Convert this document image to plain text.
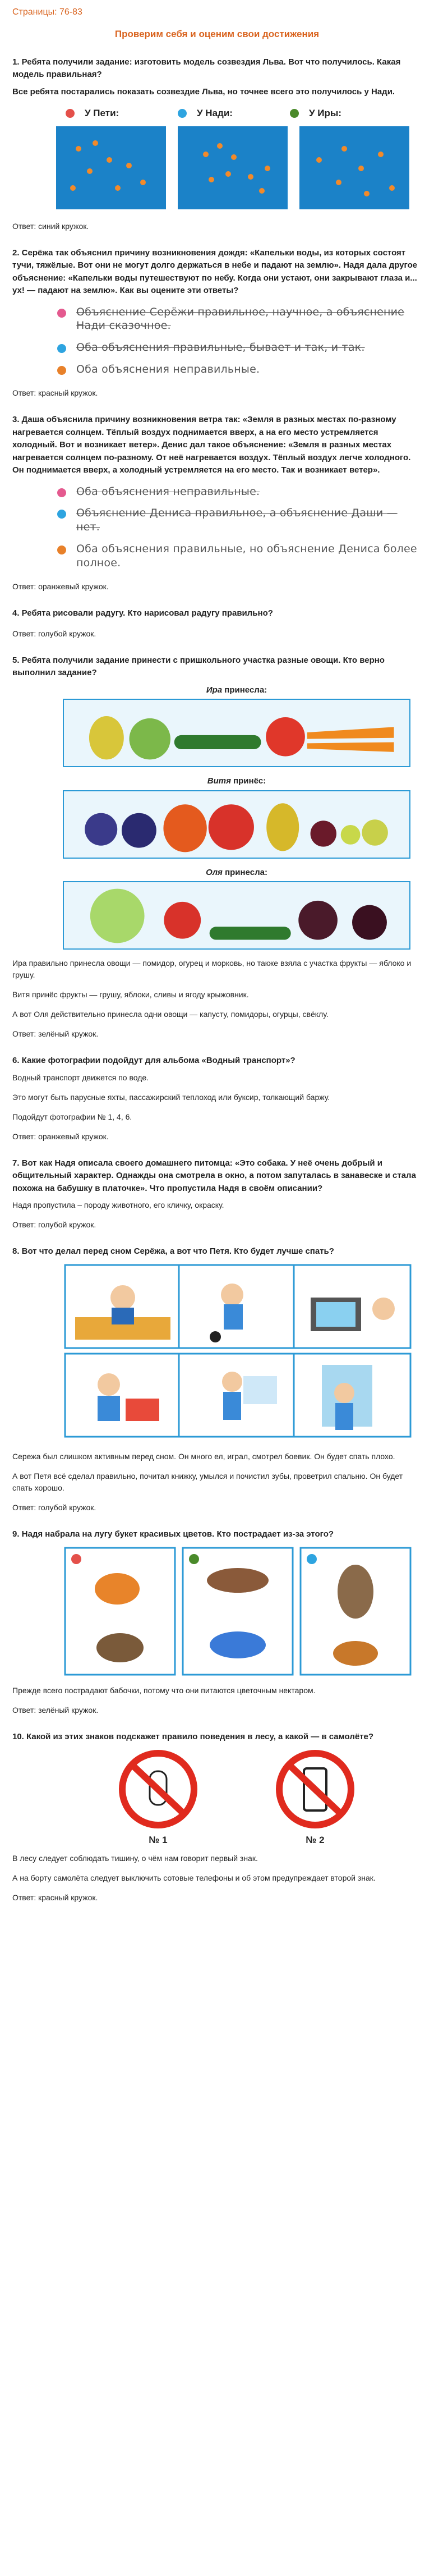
Страницы: 76-83
Проверим себя и оценим свои достижения
1. Ребята получили задание: изготовить модель созвездия Льва. Вот что получилось. Какая модель правильная?
Все ребята постарались показать созвездие Льва, но точнее всего это получилось у Нади.
У Пети:	У Нади:	У Иры:
Ответ: синий кружок.
2. Серёжа так объяснил причину возникновения дождя: «Капельки воды, из которых состоят тучи, тяжёлые. Вот они не могут долго держаться в небе и падают на землю». Надя дала другое объяснение: «Капельки воды путешествуют по небу. Когда они устают, они закрывают глаза и... ух! — падают на землю». Как вы оцените эти ответы?
Объяснение Серёжи правильное, научное, а объяснение Нади сказочное.
Оба объяснения правильные, бывает и так, и так.
Оба объяснения неправильные.
Ответ: красный кружок.
3. Даша объяснила причину возникновения ветра так: «Земля в разных местах по-разному нагревается солнцем. Тёплый воздух поднимается вверх, а на его место устремляется холодный. Вот и возникает ветер». Денис дал такое объяснение: «Земля в разных местах нагревается солнцем по-разному. От неё нагревается воздух. Тёплый воздух легче холодного. Он поднимается вверх, а холодный устремляется на его место. Так и возникает ветер».
Оба объяснения неправильные.
Объяснение Дениса правильное, а объяснение Даши — нет.
Оба объяснения правильные, но объяснение Дениса более полное.
Ответ: оранжевый кружок.
4. Ребята рисовали радугу. Кто нарисовал радугу правильно?
Ответ: голубой кружок.
5. Ребята получили задание принести с пришкольного участка разные овощи. Кто верно выполнил задание?
Ира принесла:
Витя принёс:
Оля принесла:
Ира правильно принесла овощи — помидор, огурец и морковь, но также взяла с участка фрукты — яблоко и грушу.
Витя принёс фрукты — грушу, яблоки, сливы и ягоду крыжовник.
А вот Оля действительно принесла одни овощи — капусту, помидоры, огурцы, свёклу.
Ответ: зелёный кружок.
6. Какие фотографии подойдут для альбома «Водный транспорт»?
Водный транспорт движется по воде.
Это могут быть парусные яхты, пассажирский теплоход или буксир, толкающий баржу.
Подойдут фотографии № 1, 4, 6.
Ответ: оранжевый кружок.
7. Вот как Надя описала своего домашнего питомца: «Это собака. У неё очень добрый и общительный характер. Однажды она смотрела в окно, а потом запуталась в занавеске и стала похожа на бабушку в платочке». Что пропустила Надя в своём описании?
Надя пропустила – породу животного, его кличку, окраску.
Ответ: голубой кружок.
8. Вот что делал перед сном Серёжа, а вот что Петя. Кто будет лучше спать?
Сережа был слишком активным перед сном. Он много ел, играл, смотрел боевик. Он будет спать плохо.
А вот Петя всё сделал правильно, почитал книжку, умылся и почистил зубы, проветрил спальню. Он будет спать хорошо.
Ответ: голубой кружок.
9. Надя набрала на лугу букет красивых цветов. Кто пострадает из-за этого?
Прежде всего пострадают бабочки, потому что они питаются цветочным нектаром.
Ответ: зелёный кружок.
10. Какой из этих знаков подскажет правило поведения в лесу, а какой — в самолёте?
№ 1	№ 2
В лесу следует соблюдать тишину, о чём нам говорит первый знак.
А на борту самолёта следует выключить сотовые телефоны и об этом предупреждает второй знак.
Ответ: красный кружок.
